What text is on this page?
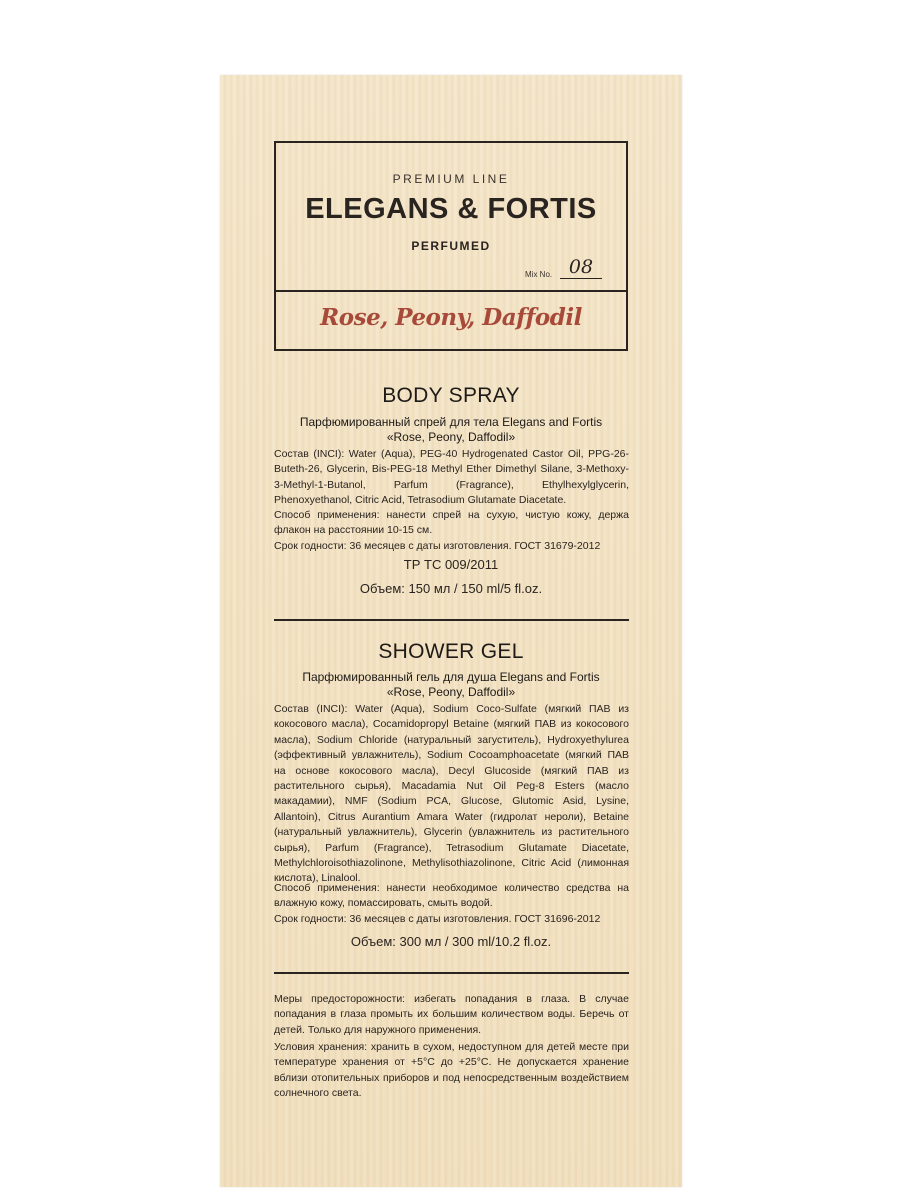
PREMIUM LINE
ELEGANS & FORTIS
PERFUMED
Mix No. 08
Rose, Peony, Daffodil
BODY SPRAY
Парфюмированный спрей для тела Elegans and Fortis
«Rose, Peony, Daffodil»
Состав (INCI): Water (Aqua), PEG-40 Hydrogenated Castor Oil, PPG-26-Buteth-26, Glycerin, Bis-PEG-18 Methyl Ether Dimethyl Silane, 3-Methoxy-3-Methyl-1-Butanol, Parfum (Fragrance), Ethylhexylglycerin, Phenoxyethanol, Citric Acid, Tetrasodium Glutamate Diacetate.
Способ применения: нанести спрей на сухую, чистую кожу, держа флакон на расстоянии 10-15 см.
Срок годности: 36 месяцев с даты изготовления. ГОСТ 31679-2012
ТР ТС 009/2011
Объем: 150 мл / 150 ml/5 fl.oz.
SHOWER GEL
Парфюмированный гель для душа Elegans and Fortis
«Rose, Peony, Daffodil»
Состав (INCI): Water (Aqua), Sodium Coco-Sulfate (мягкий ПАВ из кокосового масла), Cocamidopropyl Betaine (мягкий ПАВ из кокосового масла), Sodium Chloride (натуральный загуститель), Hydroxyethylurea (эффективный увлажнитель), Sodium Cocoamphoacetate (мягкий ПАВ на основе кокосового масла), Decyl Glucoside (мягкий ПАВ из растительного сырья), Macadamia Nut Oil Peg-8 Esters (масло макадамии), NMF (Sodium PCA, Glucose, Glutomic Asid, Lysine, Allantoin), Citrus Aurantium Amara Water (гидролат нероли), Betaine (натуральный увлажнитель), Glycerin (увлажнитель из растительного сырья), Parfum (Fragrance), Tetrasodium Glutamate Diacetate, Methylchloroisothiazolinone, Methylisothiazolinone, Citric Acid (лимонная кислота), Linalool.
Способ применения: нанести необходимое количество средства на влажную кожу, помассировать, смыть водой.
Срок годности: 36 месяцев с даты изготовления. ГОСТ 31696-2012
Объем: 300 мл / 300 ml/10.2 fl.oz.
Меры предосторожности: избегать попадания в глаза. В случае попадания в глаза промыть их большим количеством воды. Беречь от детей. Только для наружного применения.
Условия хранения: хранить в сухом, недоступном для детей месте при температуре хранения от +5°С до +25°С. Не допускается хранение вблизи отопительных приборов и под непосредственным воздействием солнечного света.
